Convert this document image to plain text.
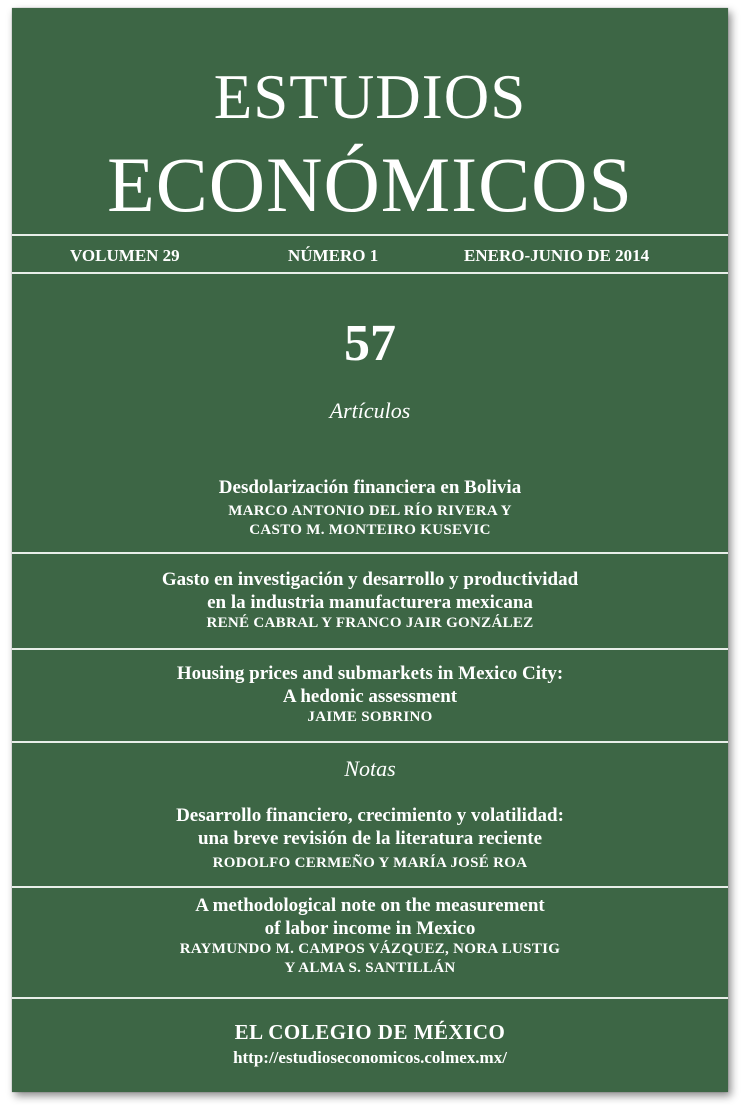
ESTUDIOS
ECONÓMICOS
VOLUMEN 29	NÚMERO 1	ENERO-JUNIO DE 2014
57
Artículos
Desdolarización financiera en Bolivia
MARCO ANTONIO DEL RÍO RIVERA Y
CASTO M. MONTEIRO KUSEVIC
Gasto en investigación y desarrollo y productividad
en la industria manufacturera mexicana
RENÉ CABRAL Y FRANCO JAIR GONZÁLEZ
Housing prices and submarkets in Mexico City:
A hedonic assessment
JAIME SOBRINO
Notas
Desarrollo financiero, crecimiento y volatilidad:
una breve revisión de la literatura reciente
RODOLFO CERMEÑO Y MARÍA JOSÉ ROA
A methodological note on the measurement
of labor income in Mexico
RAYMUNDO M. CAMPOS VÁZQUEZ, NORA LUSTIG
Y ALMA S. SANTILLÁN
EL COLEGIO DE MÉXICO
http://estudioseconomicos.colmex.mx/
